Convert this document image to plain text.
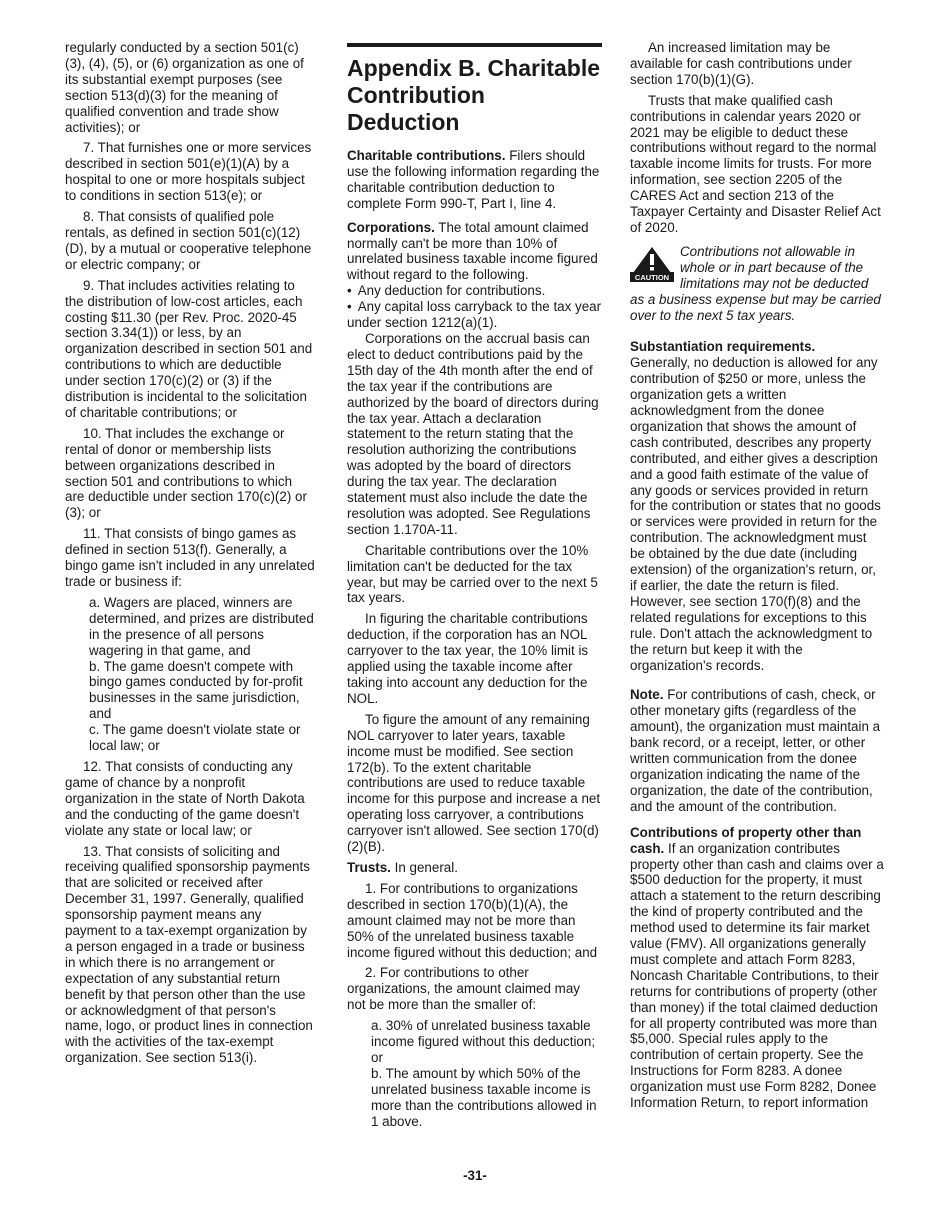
regularly conducted by a section 501(c)(3), (4), (5), or (6) organization as one of its substantial exempt purposes (see section 513(d)(3) for the meaning of qualified convention and trade show activities); or

7. That furnishes one or more services described in section 501(e)(1)(A) by a hospital to one or more hospitals subject to conditions in section 513(e); or

8. That consists of qualified pole rentals, as defined in section 501(c)(12)(D), by a mutual or cooperative telephone or electric company; or

9. That includes activities relating to the distribution of low-cost articles, each costing $11.30 (per Rev. Proc. 2020-45 section 3.34(1)) or less, by an organization described in section 501 and contributions to which are deductible under section 170(c)(2) or (3) if the distribution is incidental to the solicitation of charitable contributions; or

10. That includes the exchange or rental of donor or membership lists between organizations described in section 501 and contributions to which are deductible under section 170(c)(2) or (3); or

11. That consists of bingo games as defined in section 513(f). Generally, a bingo game isn't included in any unrelated trade or business if:

a. Wagers are placed, winners are determined, and prizes are distributed in the presence of all persons wagering in that game, and

b. The game doesn't compete with bingo games conducted by for-profit businesses in the same jurisdiction, and

c. The game doesn't violate state or local law; or

12. That consists of conducting any game of chance by a nonprofit organization in the state of North Dakota and the conducting of the game doesn't violate any state or local law; or

13. That consists of soliciting and receiving qualified sponsorship payments that are solicited or received after December 31, 1997. Generally, qualified sponsorship payment means any payment to a tax-exempt organization by a person engaged in a trade or business in which there is no arrangement or expectation of any substantial return benefit by that person other than the use or acknowledgment of that person's name, logo, or product lines in connection with the activities of the tax-exempt organization. See section 513(i).

Appendix B. Charitable Contribution Deduction

Charitable contributions. Filers should use the following information regarding the charitable contribution deduction to complete Form 990-T, Part I, line 4.

Corporations. The total amount claimed normally can't be more than 10% of unrelated business taxable income figured without regard to the following.

• Any deduction for contributions.
• Any capital loss carryback to the tax year under section 1212(a)(1).

Corporations on the accrual basis can elect to deduct contributions paid by the 15th day of the 4th month after the end of the tax year if the contributions are authorized by the board of directors during the tax year. Attach a declaration statement to the return stating that the resolution authorizing the contributions was adopted by the board of directors during the tax year. The declaration statement must also include the date the resolution was adopted. See Regulations section 1.170A-11.

Charitable contributions over the 10% limitation can't be deducted for the tax year, but may be carried over to the next 5 tax years.

In figuring the charitable contributions deduction, if the corporation has an NOL carryover to the tax year, the 10% limit is applied using the taxable income after taking into account any deduction for the NOL.

To figure the amount of any remaining NOL carryover to later years, taxable income must be modified. See section 172(b). To the extent charitable contributions are used to reduce taxable income for this purpose and increase a net operating loss carryover, a contributions carryover isn't allowed. See section 170(d)(2)(B).

Trusts. In general.

1. For contributions to organizations described in section 170(b)(1)(A), the amount claimed may not be more than 50% of the unrelated business taxable income figured without this deduction; and

2. For contributions to other organizations, the amount claimed may not be more than the smaller of:

a. 30% of unrelated business taxable income figured without this deduction; or

b. The amount by which 50% of the unrelated business taxable income is more than the contributions allowed in 1 above.

An increased limitation may be available for cash contributions under section 170(b)(1)(G).

Trusts that make qualified cash contributions in calendar years 2020 or 2021 may be eligible to deduct these contributions without regard to the normal taxable income limits for trusts. For more information, see section 2205 of the CARES Act and section 213 of the Taxpayer Certainty and Disaster Relief Act of 2020.

CAUTION
Contributions not allowable in whole or in part because of the limitations may not be deducted as a business expense but may be carried over to the next 5 tax years.

Substantiation requirements.
Generally, no deduction is allowed for any contribution of $250 or more, unless the organization gets a written acknowledgment from the donee organization that shows the amount of cash contributed, describes any property contributed, and either gives a description and a good faith estimate of the value of any goods or services provided in return for the contribution or states that no goods or services were provided in return for the contribution. The acknowledgment must be obtained by the due date (including extension) of the organization's return, or, if earlier, the date the return is filed. However, see section 170(f)(8) and the related regulations for exceptions to this rule. Don't attach the acknowledgment to the return but keep it with the organization's records.

Note. For contributions of cash, check, or other monetary gifts (regardless of the amount), the organization must maintain a bank record, or a receipt, letter, or other written communication from the donee organization indicating the name of the organization, the date of the contribution, and the amount of the contribution.

Contributions of property other than cash. If an organization contributes property other than cash and claims over a $500 deduction for the property, it must attach a statement to the return describing the kind of property contributed and the method used to determine its fair market value (FMV). All organizations generally must complete and attach Form 8283, Noncash Charitable Contributions, to their returns for contributions of property (other than money) if the total claimed deduction for all property contributed was more than $5,000. Special rules apply to the contribution of certain property. See the Instructions for Form 8283. A donee organization must use Form 8282, Donee Information Return, to report information

-31-
